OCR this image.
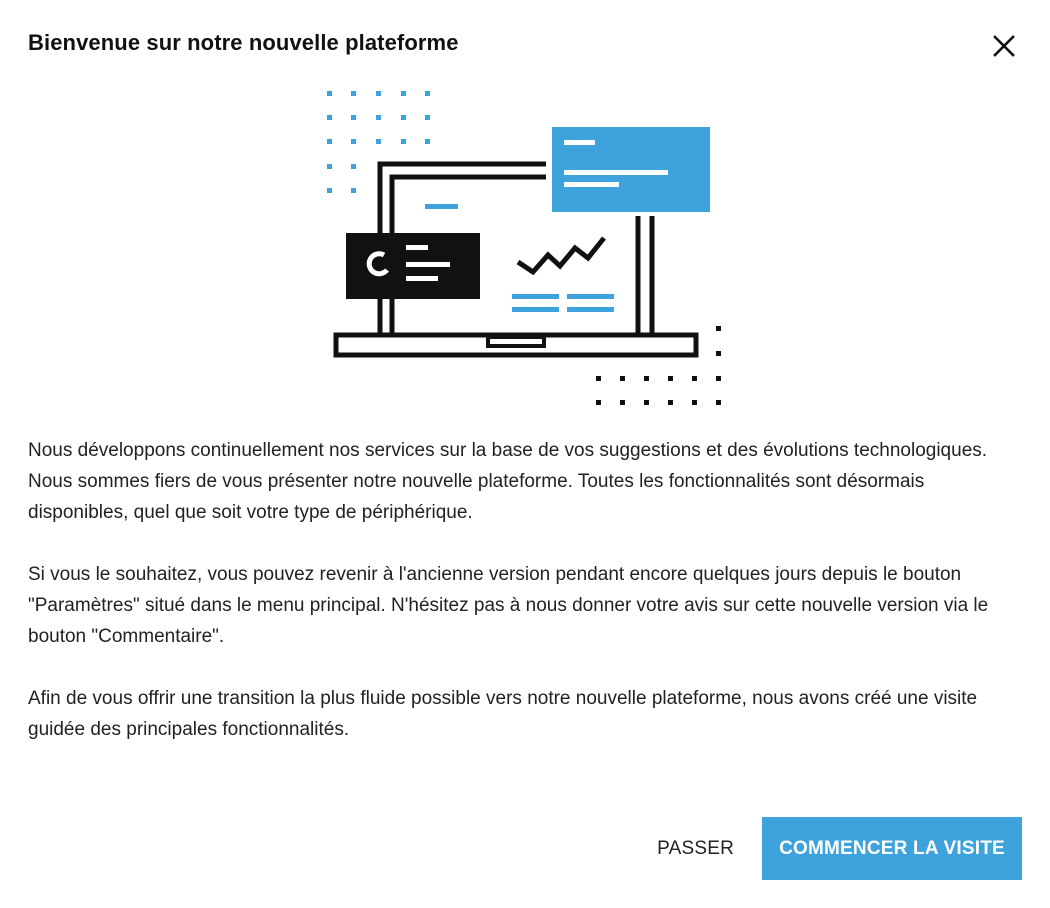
Bienvenue sur notre nouvelle plateforme

Nous développons continuellement nos services sur la base de vos suggestions et des évolutions technologiques. Nous sommes fiers de vous présenter notre nouvelle plateforme. Toutes les fonctionnalités sont désormais disponibles, quel que soit votre type de périphérique.

Si vous le souhaitez, vous pouvez revenir à l'ancienne version pendant encore quelques jours depuis le bouton "Paramètres" situé dans le menu principal. N'hésitez pas à nous donner votre avis sur cette nouvelle version via le bouton "Commentaire".

Afin de vous offrir une transition la plus fluide possible vers notre nouvelle plateforme, nous avons créé une visite guidée des principales fonctionnalités.

PASSER	COMMENCER LA VISITE
